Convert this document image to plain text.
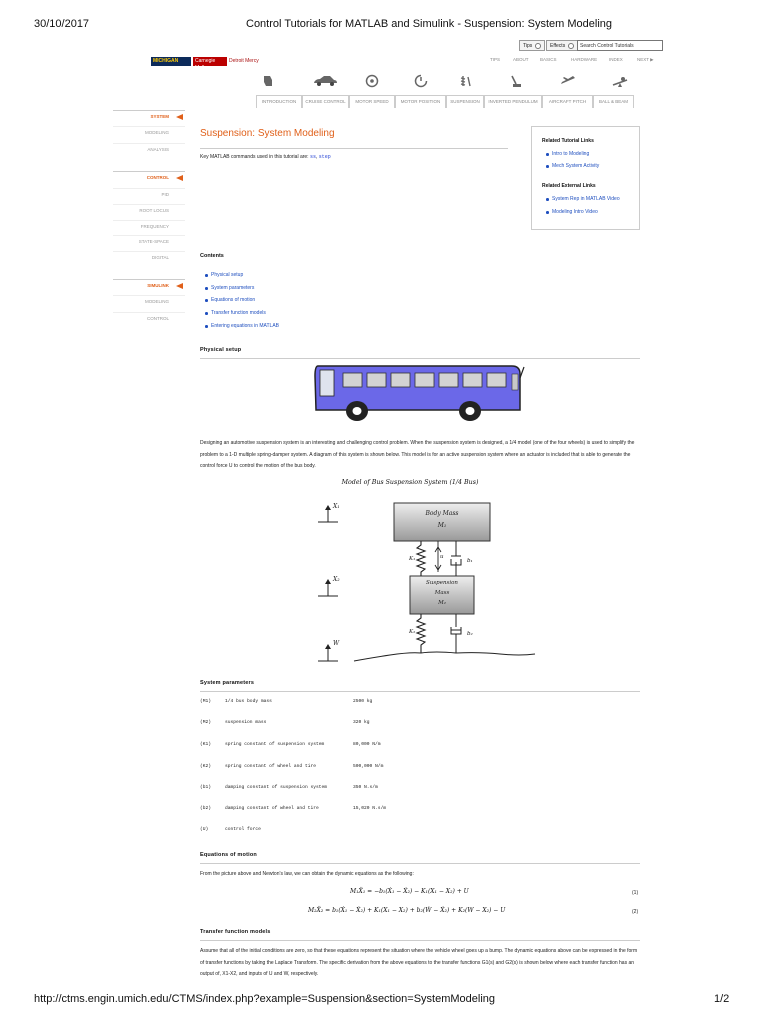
30/10/2017	Control Tutorials for MATLAB and Simulink - Suspension: System Modeling
Tips	Effects	Search Control Tutorials
MICHIGAN	Carnegie Mellon
Detroit Mercy	TIPS	ABOUT	BASICS	HARDWARE	INDEX	NEXT ▶
INTRODUCTION	CRUISE CONTROL	MOTOR SPEED	MOTOR POSITION	SUSPENSION	INVERTED PENDULUM	AIRCRAFT PITCH	BALL & BEAM
SYSTEM
MODELING
ANALYSIS
CONTROL
PID
ROOT LOCUS
FREQUENCY
STATE-SPACE
DIGITAL
SIMULINK
MODELING
CONTROL
Suspension: System Modeling
Key MATLAB commands used in this tutorial are: ss, step
Related Tutorial Links
Intro to Modeling
Mech System Activity
Related External Links
System Rep in MATLAB Video
Modeling Intro Video
Contents
Physical setup
System parameters
Equations of motion
Transfer function models
Entering equations in MATLAB
Physical setup
Designing an automotive suspension system is an interesting and challenging control problem. When the suspension system is designed, a 1/4 model (one of the four wheels) is used to simplify the problem to a 1-D multiple spring-damper system. A diagram of this system is shown below. This model is for an active suspension system where an actuator is included that is able to generate the control force U to control the motion of the bus body.
Model of Bus Suspension System (1/4 Bus)
X₁
X₂
W
Body Mass
M₁
Suspension
Mass
M₂
K₁
K₂
b₁
b₂
u
System parameters
(M1)	1/4 bus body mass	2500 kg
(M2)	suspension mass	320 kg
(K1)	spring constant of suspension system	80,000 N/m
(K2)	spring constant of wheel and tire	500,000 N/m
(b1)	damping constant of suspension system	350 N.s/m
(b2)	damping constant of wheel and tire	15,020 N.s/m
(U)	control force
Equations of motion
From the picture above and Newton's law, we can obtain the dynamic equations as the following:
M₁Ẍ₁ = −b₁(Ẋ₁ − Ẋ₂) − K₁(X₁ − X₂) + U	(1)
M₂Ẍ₂ = b₁(Ẋ₁ − Ẋ₂) + K₁(X₁ − X₂) + b₂(Ẇ − Ẋ₂) + K₂(W − X₂) − U	(2)
Transfer function models
Assume that all of the initial conditions are zero, so that these equations represent the situation where the vehicle wheel goes up a bump. The dynamic equations above can be expressed in the form of transfer functions by taking the Laplace Transform. The specific derivation from the above equations to the transfer functions G1(s) and G2(s) is shown below where each transfer function has an output of, X1-X2, and inputs of U and W, respectively.
http://ctms.engin.umich.edu/CTMS/index.php?example=Suspension&section=SystemModeling	1/2
